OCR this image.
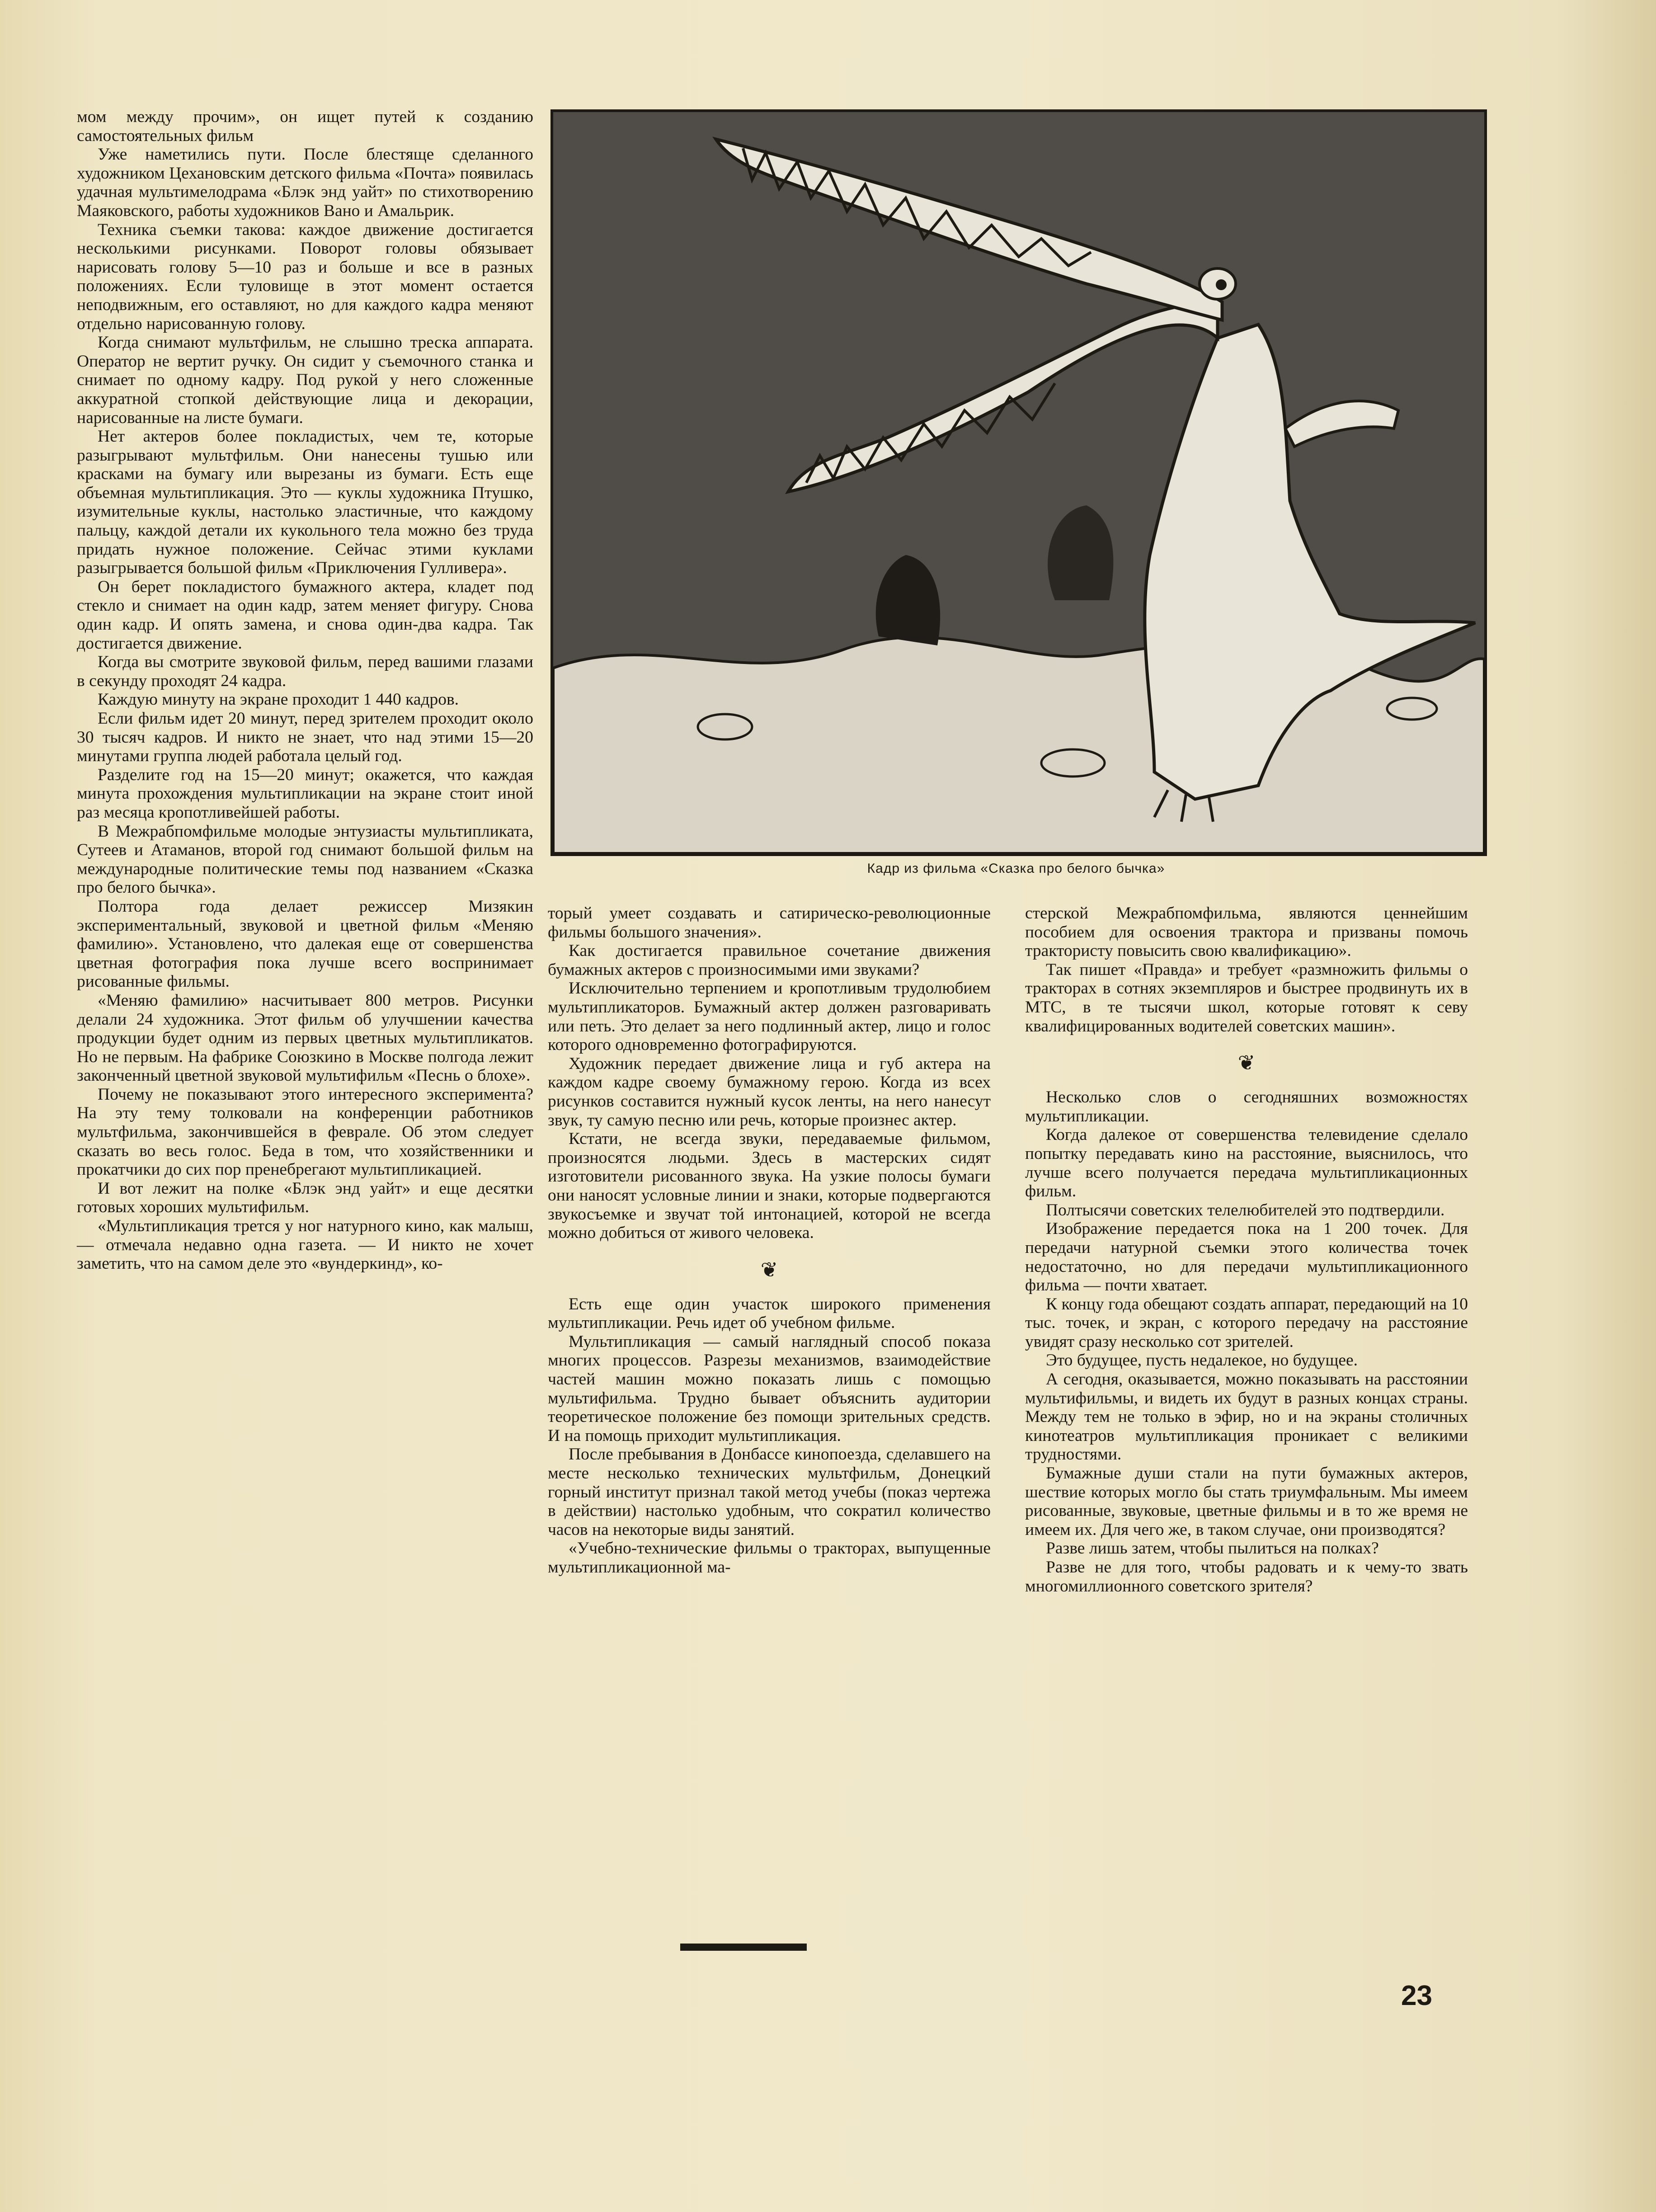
мом между прочим», он ищет путей к созданию самостоятельных фильм

Уже наметились пути. После блестяще сделанного художником Цехановским детского фильма «Почта» появилась удачная мультимелодрама «Блэк энд уайт» по стихотворению Маяковского, работы художников Вано и Амальрик.

Техника съемки такова: каждое движение достигается несколькими рисунками. Поворот головы обязывает нарисовать голову 5—10 раз и больше и все в разных положениях. Если туловище в этот момент остается неподвижным, его оставляют, но для каждого кадра меняют отдельно нарисованную голову.

Когда снимают мультфильм, не слышно треска аппарата. Оператор не вертит ручку. Он сидит у съемочного станка и снимает по одному кадру. Под рукой у него сложенные аккуратной стопкой действующие лица и декорации, нарисованные на листе бумаги.

Нет актеров более покладистых, чем те, которые разыгрывают мультфильм. Они нанесены тушью или красками на бумагу или вырезаны из бумаги. Есть еще объемная мультипликация. Это — куклы художника Птушко, изумительные куклы, настолько эластичные, что каждому пальцу, каждой детали их кукольного тела можно без труда придать нужное положение. Сейчас этими куклами разыгрывается большой фильм «Приключения Гулливера».

Он берет покладистого бумажного актера, кладет под стекло и снимает на один кадр, затем меняет фигуру. Снова один кадр. И опять замена, и снова один-два кадра. Так достигается движение.

Когда вы смотрите звуковой фильм, перед вашими глазами в секунду проходят 24 кадра.

Каждую минуту на экране проходит 1 440 кадров.

Если фильм идет 20 минут, перед зрителем проходит около 30 тысяч кадров. И никто не знает, что над этими 15—20 минутами группа людей работала целый год.

Разделите год на 15—20 минут; окажется, что каждая минута прохождения мультипликации на экране стоит иной раз месяца кропотливейшей работы.

В Межрабпомфильме молодые энтузиасты мультипликата, Сутеев и Атаманов, второй год снимают большой фильм на международные политические темы под названием «Сказка про белого бычка».

Полтора года делает режиссер Мизякин экспериментальный, звуковой и цветной фильм «Меняю фамилию». Установлено, что далекая еще от совершенства цветная фотография пока лучше всего воспринимает рисованные фильмы.

«Меняю фамилию» насчитывает 800 метров. Рисунки делали 24 художника. Этот фильм об улучшении качества продукции будет одним из первых цветных мультипликатов. Но не первым. На фабрике Союзкино в Москве полгода лежит законченный цветной звуковой мультифильм «Песнь о блохе».

Почему не показывают этого интересного эксперимента? На эту тему толковали на конференции работников мультфильма, закончившейся в феврале. Об этом следует сказать во весь голос. Беда в том, что хозяйственники и прокатчики до сих пор пренебрегают мультипликацией.

И вот лежит на полке «Блэк энд уайт» и еще десятки готовых хороших мультифильм.

«Мультипликация трется у ног натурного кино, как малыш, — отмечала недавно одна газета. — И никто не хочет заметить, что на самом деле это «вундеркинд», ко-

Кадр из фильма «Сказка про белого бычка»

торый умеет создавать и сатирическо-революционные фильмы большого значения».

Как достигается правильное сочетание движения бумажных актеров с произносимыми ими звуками?

Исключительно терпением и кропотливым трудолюбием мультипликаторов. Бумажный актер должен разговаривать или петь. Это делает за него подлинный актер, лицо и голос которого одновременно фотографируются.

Художник передает движение лица и губ актера на каждом кадре своему бумажному герою. Когда из всех рисунков составится нужный кусок ленты, на него нанесут звук, ту самую песню или речь, которые произнес актер.

Кстати, не всегда звуки, передаваемые фильмом, произносятся людьми. Здесь в мастерских сидят изготовители рисованного звука. На узкие полосы бумаги они наносят условные линии и знаки, которые подвергаются звукосъемке и звучат той интонацией, которой не всегда можно добиться от живого человека.

❦

Есть еще один участок широкого применения мультипликации. Речь идет об учебном фильме.

Мультипликация — самый наглядный способ показа многих процессов. Разрезы механизмов, взаимодействие частей машин можно показать лишь с помощью мультифильма. Трудно бывает объяснить аудитории теоретическое положение без помощи зрительных средств. И на помощь приходит мультипликация.

После пребывания в Донбассе кинопоезда, сделавшего на месте несколько технических мультфильм, Донецкий горный институт признал такой метод учебы (показ чертежа в действии) настолько удобным, что сократил количество часов на некоторые виды занятий.

«Учебно-технические фильмы о тракторах, выпущенные мультипликационной ма-

стерской Межрабпомфильма, являются ценнейшим пособием для освоения трактора и призваны помочь трактористу повысить свою квалификацию».

Так пишет «Правда» и требует «размножить фильмы о тракторах в сотнях экземпляров и быстрее продвинуть их в МТС, в те тысячи школ, которые готовят к севу квалифицированных водителей советских машин».

❦

Несколько слов о сегодняшних возможностях мультипликации.

Когда далекое от совершенства телевидение сделало попытку передавать кино на расстояние, выяснилось, что лучше всего получается передача мультипликационных фильм.

Полтысячи советских телелюбителей это подтвердили.

Изображение передается пока на 1 200 точек. Для передачи натурной съемки этого количества точек недостаточно, но для передачи мультипликационного фильма — почти хватает.

К концу года обещают создать аппарат, передающий на 10 тыс. точек, и экран, с которого передачу на расстояние увидят сразу несколько сот зрителей.

Это будущее, пусть недалекое, но будущее.

А сегодня, оказывается, можно показывать на расстоянии мультифильмы, и видеть их будут в разных концах страны. Между тем не только в эфир, но и на экраны столичных кинотеатров мультипликация проникает с великими трудностями.

Бумажные души стали на пути бумажных актеров, шествие которых могло бы стать триумфальным. Мы имеем рисованные, звуковые, цветные фильмы и в то же время не имеем их. Для чего же, в таком случае, они производятся?

Разве лишь затем, чтобы пылиться на полках?

Разве не для того, чтобы радовать и к чему-то звать многомиллионного советского зрителя?

23
